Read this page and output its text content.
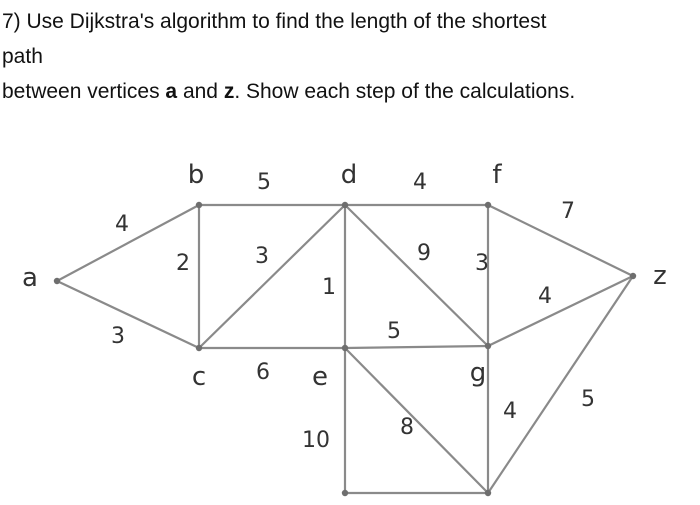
7) Use Dijkstra's algorithm to find the length of the shortest

path

between vertices a and z. Show each step of the calculations.

4
3
2
5
3
6
1
4
9
5
3
7
4
10
8
4	5
a
b
c
d
e
f
g
z
